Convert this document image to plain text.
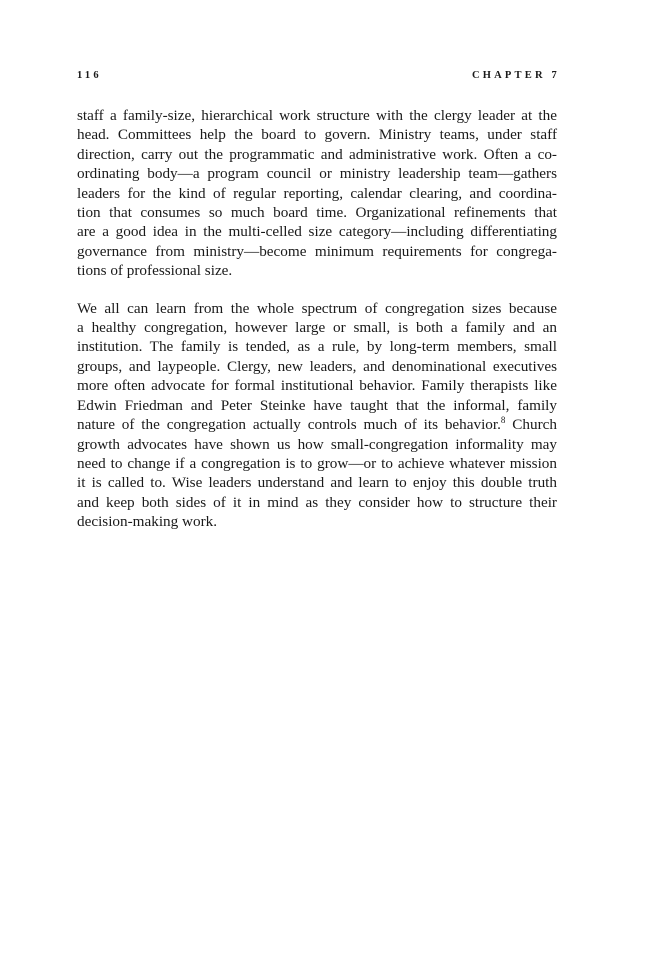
116	CHAPTER 7

staff a family-size, hierarchical work structure with the clergy leader at the
head. Committees help the board to govern. Ministry teams, under staff
direction, carry out the programmatic and administrative work. Often a co-
ordinating body—a program council or ministry leadership team—gathers
leaders for the kind of regular reporting, calendar clearing, and coordina-
tion that consumes so much board time. Organizational refinements that
are a good idea in the multi-celled size category—including differentiating
governance from ministry—become minimum requirements for congrega-
tions of professional size.

We all can learn from the whole spectrum of congregation sizes because
a healthy congregation, however large or small, is both a family and an
institution. The family is tended, as a rule, by long-term members, small
groups, and laypeople. Clergy, new leaders, and denominational executives
more often advocate for formal institutional behavior. Family therapists like
Edwin Friedman and Peter Steinke have taught that the informal, family
nature of the congregation actually controls much of its behavior.$^8$ Church
growth advocates have shown us how small-congregation informality may
need to change if a congregation is to grow—or to achieve whatever mission
it is called to. Wise leaders understand and learn to enjoy this double truth
and keep both sides of it in mind as they consider how to structure their
decision-making work.
